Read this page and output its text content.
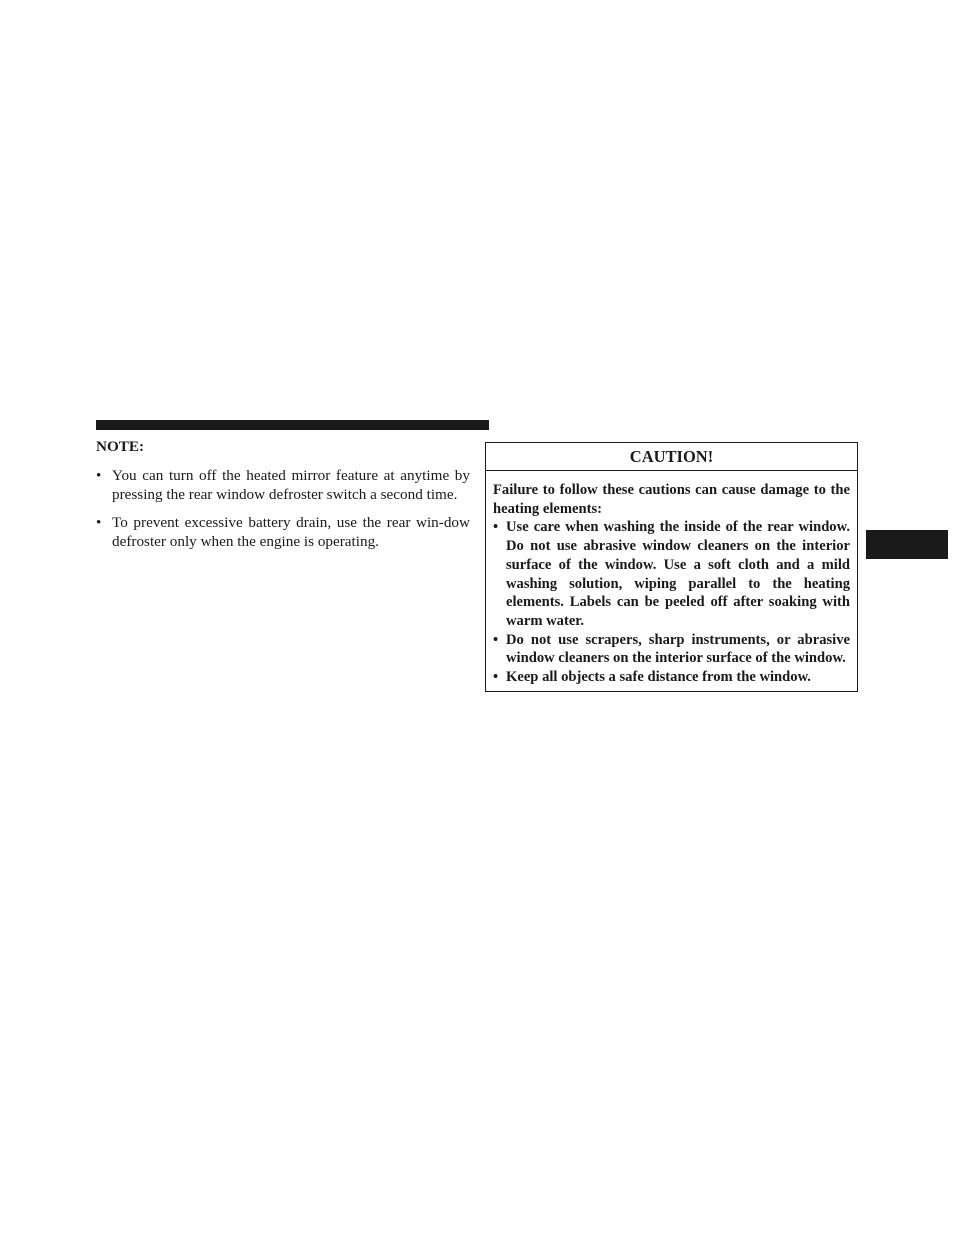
NOTE:
• You can turn off the heated mirror feature at anytime by pressing the rear window defroster switch a second time.
• To prevent excessive battery drain, use the rear win-dow defroster only when the engine is operating.
CAUTION!

Failure to follow these cautions can cause damage to the heating elements:

• Use care when washing the inside of the rear window. Do not use abrasive window cleaners on the interior surface of the window. Use a soft cloth and a mild washing solution, wiping parallel to the heating elements. Labels can be peeled off after soaking with warm water.
• Do not use scrapers, sharp instruments, or abrasive window cleaners on the interior surface of the window.
• Keep all objects a safe distance from the window.
